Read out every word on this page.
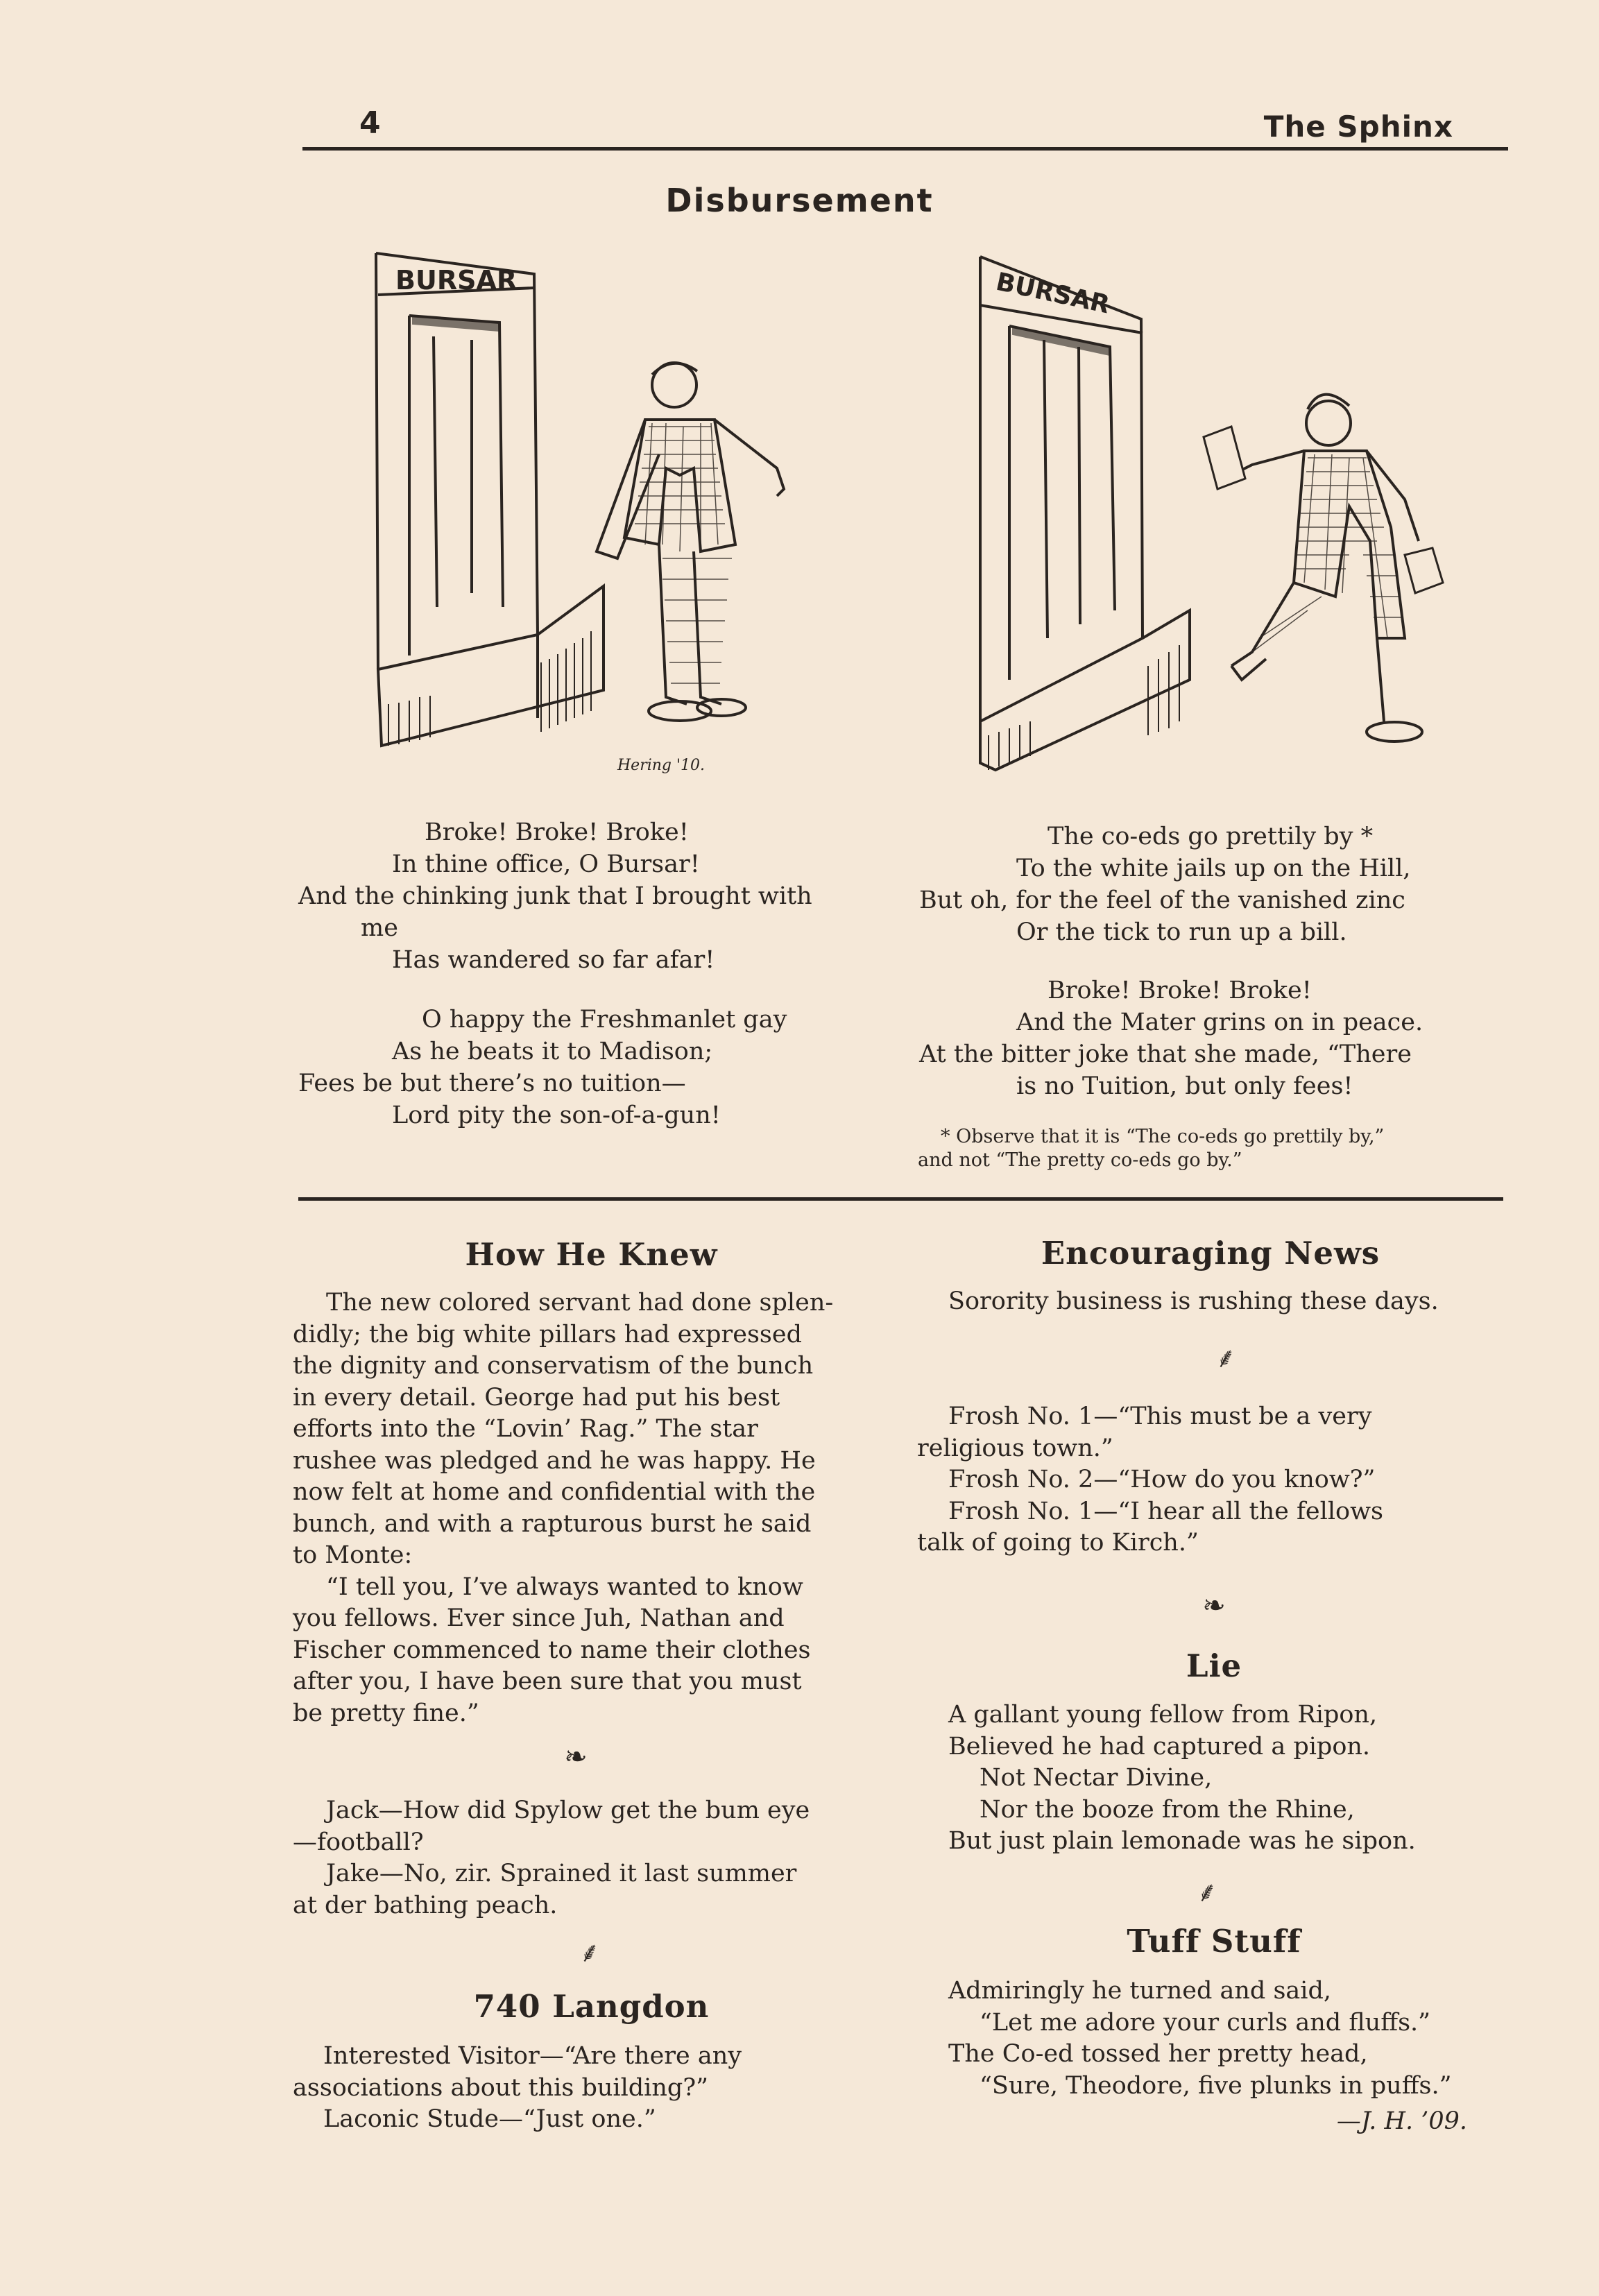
4	The Sphinx
Disbursement
BURSAR
Hering '10.
BURSAR
Broke! Broke! Broke!
In thine office, O Bursar!
And the chinking junk that I brought with
me
Has wandered so far afar!
O happy the Freshmanlet gay
As he beats it to Madison;
Fees be but there’s no tuition—
Lord pity the son-of-a-gun!
The co-eds go prettily by *
To the white jails up on the Hill,
But oh, for the feel of the vanished zinc
Or the tick to run up a bill.
Broke! Broke! Broke!
And the Mater grins on in peace.
At the bitter joke that she made, “There
is no Tuition, but only fees!
* Observe that it is “The co-eds go prettily by,”
and not “The pretty co-eds go by.”
How He Knew
The new colored servant had done splen-
didly; the big white pillars had expressed
the dignity and conservatism of the bunch
in every detail. George had put his best
efforts into the “Lovin’ Rag.” The star
rushee was pledged and he was happy. He
now felt at home and confidential with the
bunch, and with a rapturous burst he said
to Monte:
“I tell you, I’ve always wanted to know
you fellows. Ever since Juh, Nathan and
Fischer commenced to name their clothes
after you, I have been sure that you must
be pretty fine.”
❧
Jack—How did Spylow get the bum eye
—football?
Jake—No, zir. Sprained it last summer
at der bathing peach.
⸙
740 Langdon
Interested Visitor—“Are there any
associations about this building?”
Laconic Stude—“Just one.”
Encouraging News
Sorority business is rushing these days.
⸙
Frosh No. 1—“This must be a very
religious town.”
Frosh No. 2—“How do you know?”
Frosh No. 1—“I hear all the fellows
talk of going to Kirch.”
❧
Lie
A gallant young fellow from Ripon,
Believed he had captured a pipon.
Not Nectar Divine,
Nor the booze from the Rhine,
But just plain lemonade was he sipon.
⸙
Tuff Stuff
Admiringly he turned and said,
“Let me adore your curls and fluffs.”
The Co-ed tossed her pretty head,
“Sure, Theodore, five plunks in puffs.”
—J. H. ’09.
